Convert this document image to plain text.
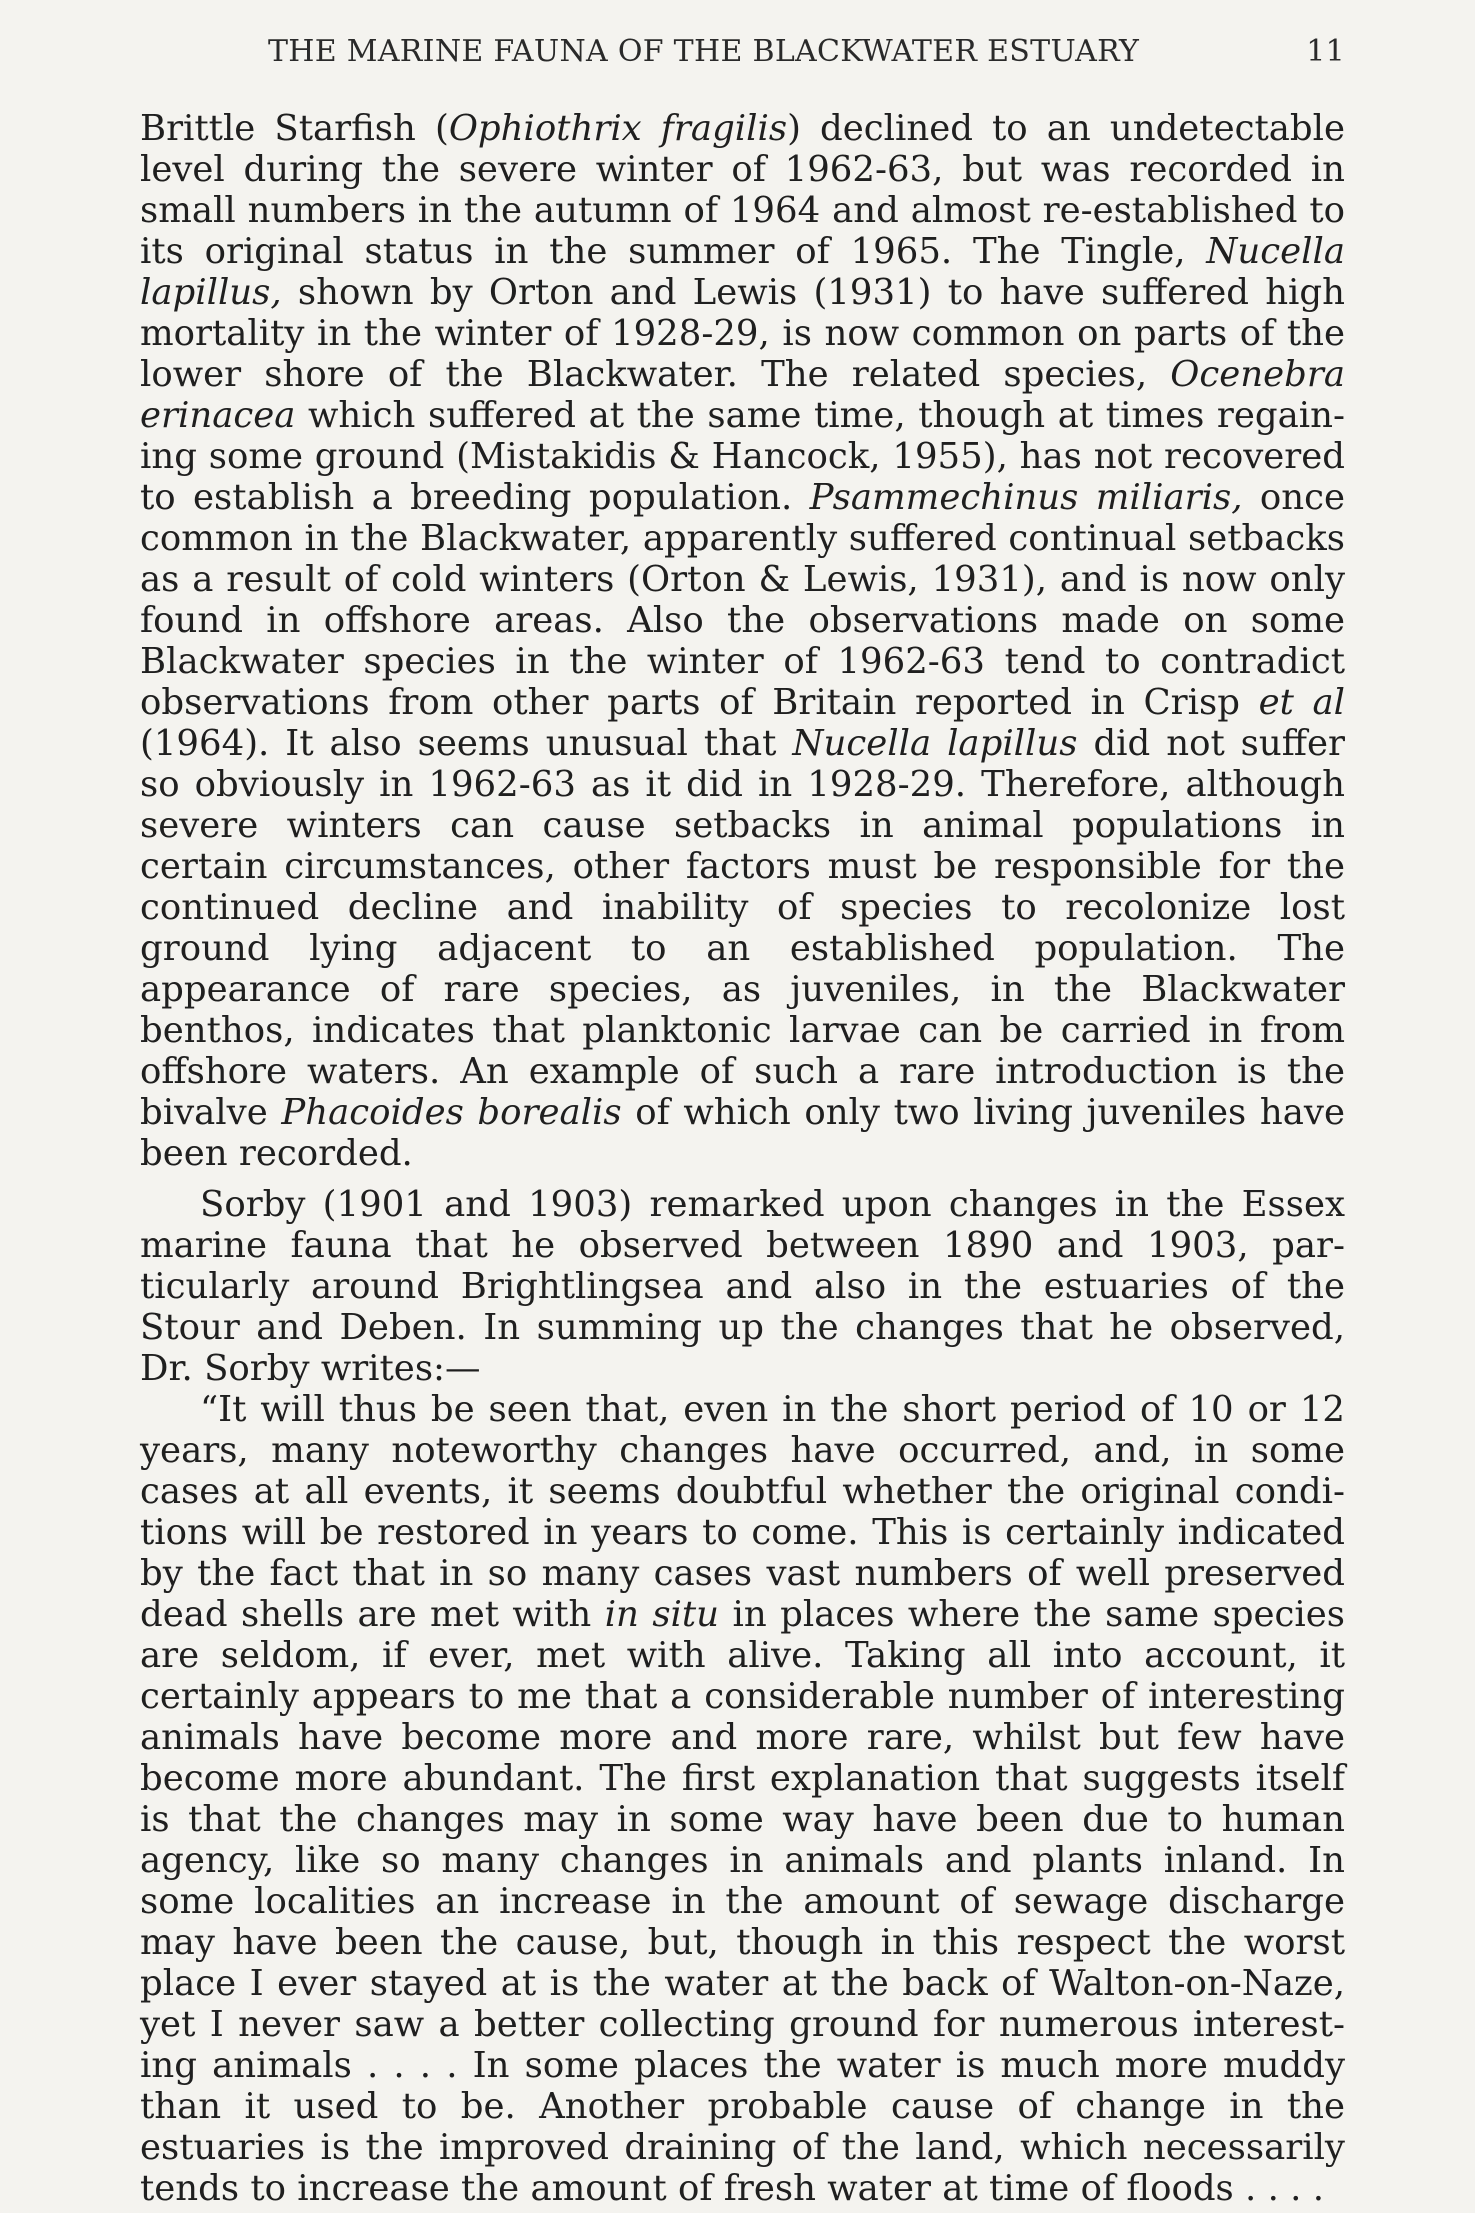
THE MARINE FAUNA OF THE BLACKWATER ESTUARY	11

Brittle Starfish (Ophiothrix fragilis) declined to an undetectable level during the severe winter of 1962-63, but was recorded in small numbers in the autumn of 1964 and almost re-established to its original status in the summer of 1965. The Tingle, Nucella lapillus, shown by Orton and Lewis (1931) to have suffered high mortality in the winter of 1928-29, is now common on parts of the lower shore of the Blackwater. The related species, Ocenebra erinacea which suffered at the same time, though at times regaining some ground (Mistakidis & Hancock, 1955), has not recovered to establish a breeding population. Psammechinus miliaris, once common in the Blackwater, apparently suffered continual setbacks as a result of cold winters (Orton & Lewis, 1931), and is now only found in offshore areas. Also the observations made on some Blackwater species in the winter of 1962-63 tend to contradict observations from other parts of Britain reported in Crisp et al (1964). It also seems unusual that Nucella lapillus did not suffer so obviously in 1962-63 as it did in 1928-29. Therefore, although severe winters can cause setbacks in animal populations in certain circumstances, other factors must be responsible for the continued decline and inability of species to recolonize lost ground lying adjacent to an established population. The appearance of rare species, as juveniles, in the Blackwater benthos, indicates that planktonic larvae can be carried in from offshore waters. An example of such a rare introduction is the bivalve Phacoides borealis of which only two living juveniles have been recorded.

Sorby (1901 and 1903) remarked upon changes in the Essex marine fauna that he observed between 1890 and 1903, particularly around Brightlingsea and also in the estuaries of the Stour and Deben. In summing up the changes that he observed, Dr. Sorby writes:—

“It will thus be seen that, even in the short period of 10 or 12 years, many noteworthy changes have occurred, and, in some cases at all events, it seems doubtful whether the original conditions will be restored in years to come. This is certainly indicated by the fact that in so many cases vast numbers of well preserved dead shells are met with in situ in places where the same species are seldom, if ever, met with alive. Taking all into account, it certainly appears to me that a considerable number of interesting animals have become more and more rare, whilst but few have become more abundant. The first explanation that suggests itself is that the changes may in some way have been due to human agency, like so many changes in animals and plants inland. In some localities an increase in the amount of sewage discharge may have been the cause, but, though in this respect the worst place I ever stayed at is the water at the back of Walton-on-Naze, yet I never saw a better collecting ground for numerous interesting animals . . . . In some places the water is much more muddy than it used to be. Another probable cause of change in the estuaries is the improved draining of the land, which necessarily tends to increase the amount of fresh water at time of floods . . . .
